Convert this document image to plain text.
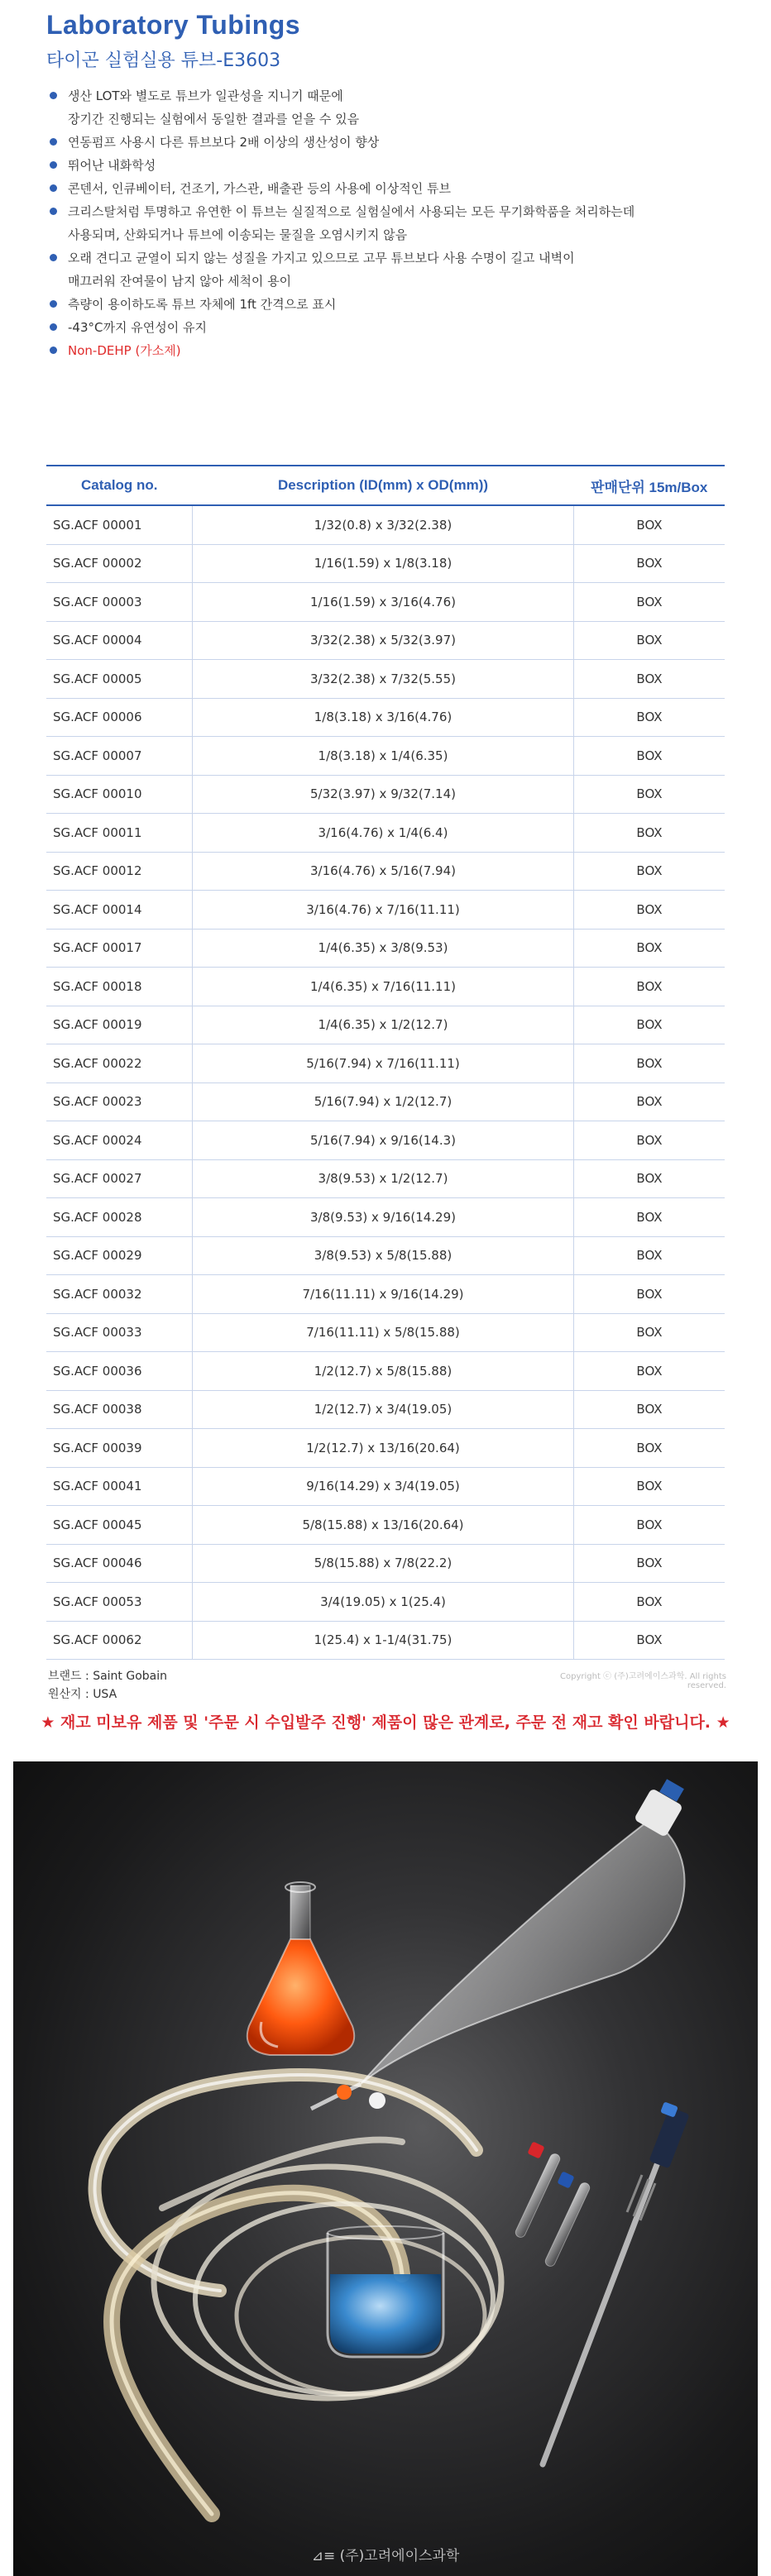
Laboratory Tubings
타이곤 실험실용 튜브-E3603
생산 LOT와 별도로 튜브가 일관성을 지니기 때문에
장기간 진행되는 실험에서 동일한 결과를 얻을 수 있음
연동펌프 사용시 다른 튜브보다 2배 이상의 생산성이 향상
뛰어난 내화학성
콘덴서, 인큐베이터, 건조기, 가스관, 배출관 등의 사용에 이상적인 튜브
크리스탈처럼 투명하고 유연한 이 튜브는 실질적으로 실험실에서 사용되는 모든 무기화학품을 처리하는데
사용되며, 산화되거나 튜브에 이송되는 물질을 오염시키지 않음
오래 견디고 균열이 되지 않는 성질을 가지고 있으므로 고무 튜브보다 사용 수명이 길고 내벽이
매끄러워 잔여물이 남지 않아 세척이 용이
측량이 용이하도록 튜브 자체에 1ft 간격으로 표시
-43°C까지 유연성이 유지
Non-DEHP (가소제)
Catalog no.	Description (ID(mm) x OD(mm))	판매단위 15m/Box
SG.ACF 00001	1/32(0.8) x 3/32(2.38)	BOX
SG.ACF 00002	1/16(1.59) x 1/8(3.18)	BOX
SG.ACF 00003	1/16(1.59) x 3/16(4.76)	BOX
SG.ACF 00004	3/32(2.38) x 5/32(3.97)	BOX
SG.ACF 00005	3/32(2.38) x 7/32(5.55)	BOX
SG.ACF 00006	1/8(3.18) x 3/16(4.76)	BOX
SG.ACF 00007	1/8(3.18) x 1/4(6.35)	BOX
SG.ACF 00010	5/32(3.97) x 9/32(7.14)	BOX
SG.ACF 00011	3/16(4.76) x 1/4(6.4)	BOX
SG.ACF 00012	3/16(4.76) x 5/16(7.94)	BOX
SG.ACF 00014	3/16(4.76) x 7/16(11.11)	BOX
SG.ACF 00017	1/4(6.35) x 3/8(9.53)	BOX
SG.ACF 00018	1/4(6.35) x 7/16(11.11)	BOX
SG.ACF 00019	1/4(6.35) x 1/2(12.7)	BOX
SG.ACF 00022	5/16(7.94) x 7/16(11.11)	BOX
SG.ACF 00023	5/16(7.94) x 1/2(12.7)	BOX
SG.ACF 00024	5/16(7.94) x 9/16(14.3)	BOX
SG.ACF 00027	3/8(9.53) x 1/2(12.7)	BOX
SG.ACF 00028	3/8(9.53) x 9/16(14.29)	BOX
SG.ACF 00029	3/8(9.53) x 5/8(15.88)	BOX
SG.ACF 00032	7/16(11.11) x 9/16(14.29)	BOX
SG.ACF 00033	7/16(11.11) x 5/8(15.88)	BOX
SG.ACF 00036	1/2(12.7) x 5/8(15.88)	BOX
SG.ACF 00038	1/2(12.7) x 3/4(19.05)	BOX
SG.ACF 00039	1/2(12.7) x 13/16(20.64)	BOX
SG.ACF 00041	9/16(14.29) x 3/4(19.05)	BOX
SG.ACF 00045	5/8(15.88) x 13/16(20.64)	BOX
SG.ACF 00046	5/8(15.88) x 7/8(22.2)	BOX
SG.ACF 00053	3/4(19.05) x 1(25.4)	BOX
SG.ACF 00062	1(25.4) x 1-1/4(31.75)	BOX
Copyright ⓒ (주)고려에이스과학. All rights reserved.
브랜드 : Saint Gobain
원산지 : USA
★ 재고 미보유 제품 및 '주문 시 수입발주 진행' 제품이 많은 관계로, 주문 전 재고 확인 바랍니다. ★
⊿≡ (주)고려에이스과학
